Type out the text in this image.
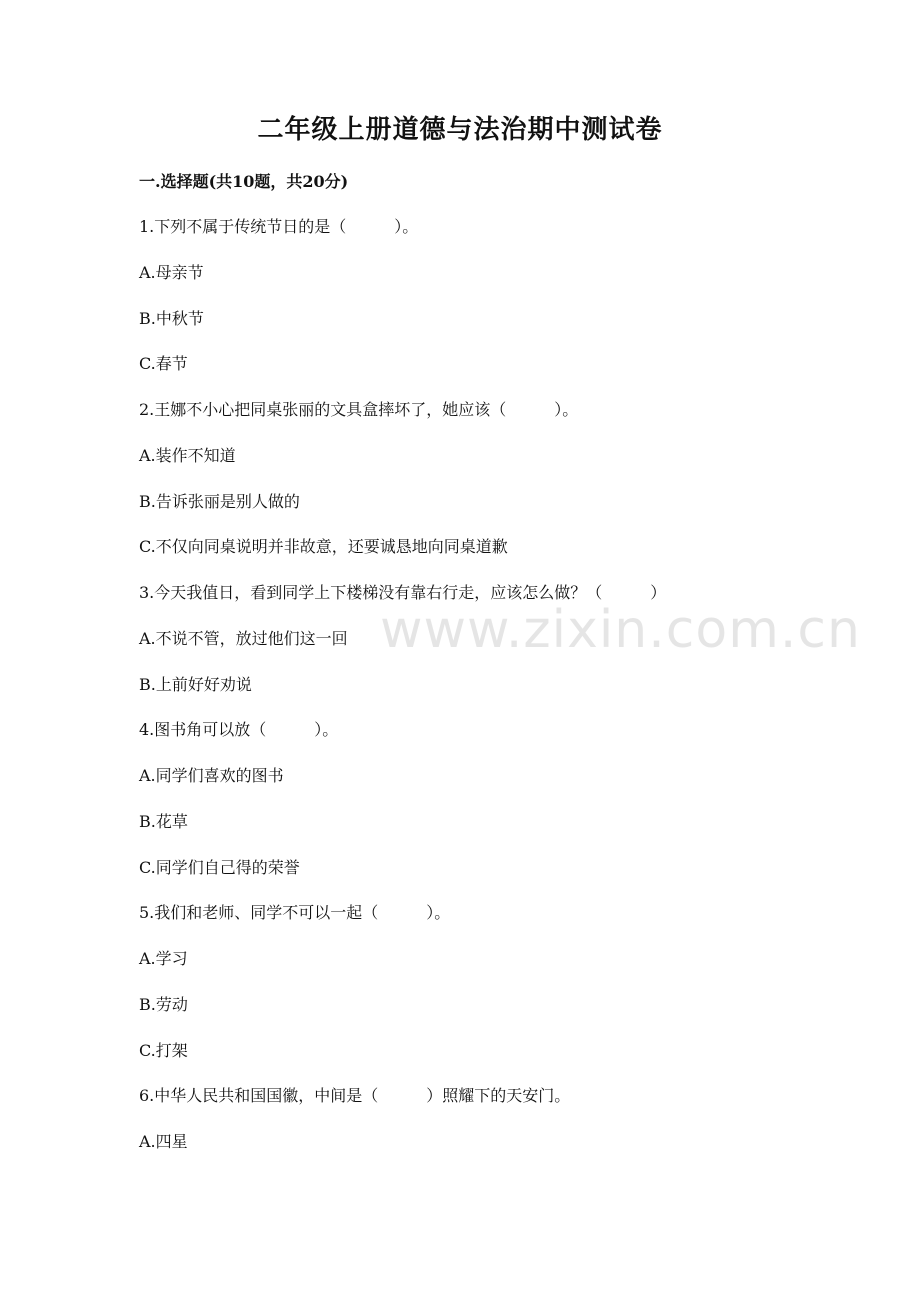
www.zixin.com.cn
二年级上册道德与法治期中测试卷
一.选择题(共10题，共20分)
1.下列不属于传统节日的是（　　　）。
A.母亲节
B.中秋节
C.春节
2.王娜不小心把同桌张丽的文具盒摔坏了，她应该（　　　）。
A.装作不知道
B.告诉张丽是别人做的
C.不仅向同桌说明并非故意，还要诚恳地向同桌道歉
3.今天我值日，看到同学上下楼梯没有靠右行走，应该怎么做？（　　　）
A.不说不管，放过他们这一回
B.上前好好劝说
4.图书角可以放（　　　）。
A.同学们喜欢的图书
B.花草
C.同学们自己得的荣誉
5.我们和老师、同学不可以一起（　　　）。
A.学习
B.劳动
C.打架
6.中华人民共和国国徽，中间是（　　　）照耀下的天安门。
A.四星
